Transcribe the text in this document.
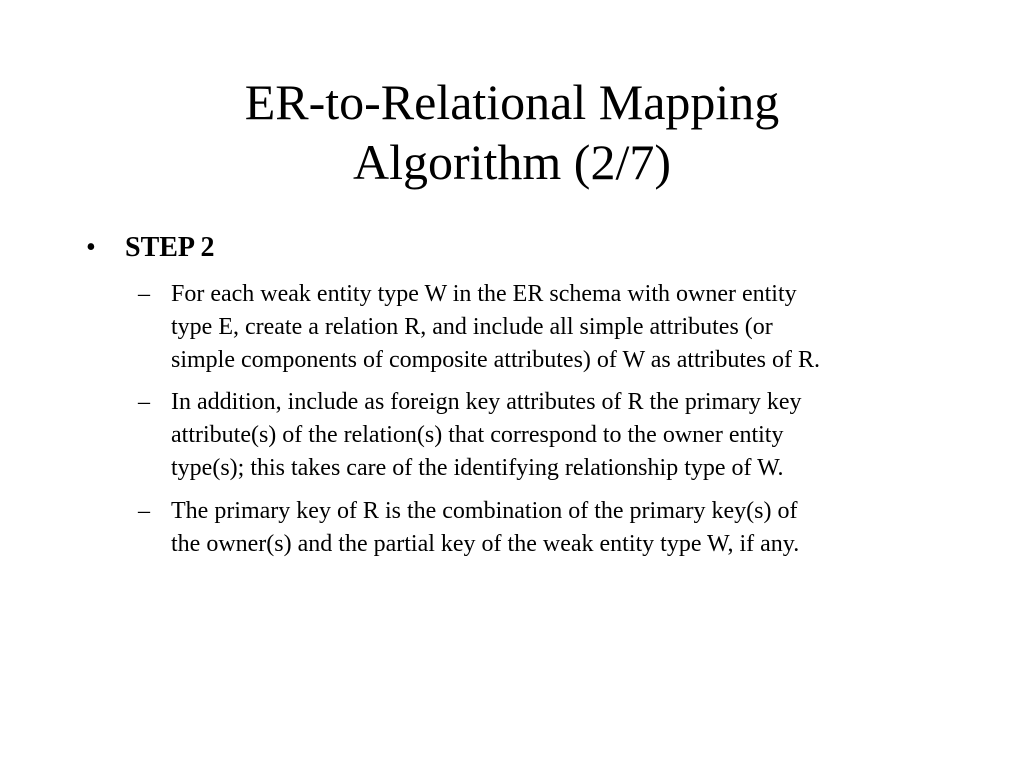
ER-to-Relational Mapping
Algorithm (2/7)
• STEP 2
– For each weak entity type W in the ER schema with owner entity
type E, create a relation R, and include all simple attributes (or
simple components of composite attributes) of W as attributes of R.
– In addition, include as foreign key attributes of R the primary key
attribute(s) of the relation(s) that correspond to the owner entity
type(s); this takes care of the identifying relationship type of W.
– The primary key of R is the combination of the primary key(s) of
the owner(s) and the partial key of the weak entity type W, if any.
